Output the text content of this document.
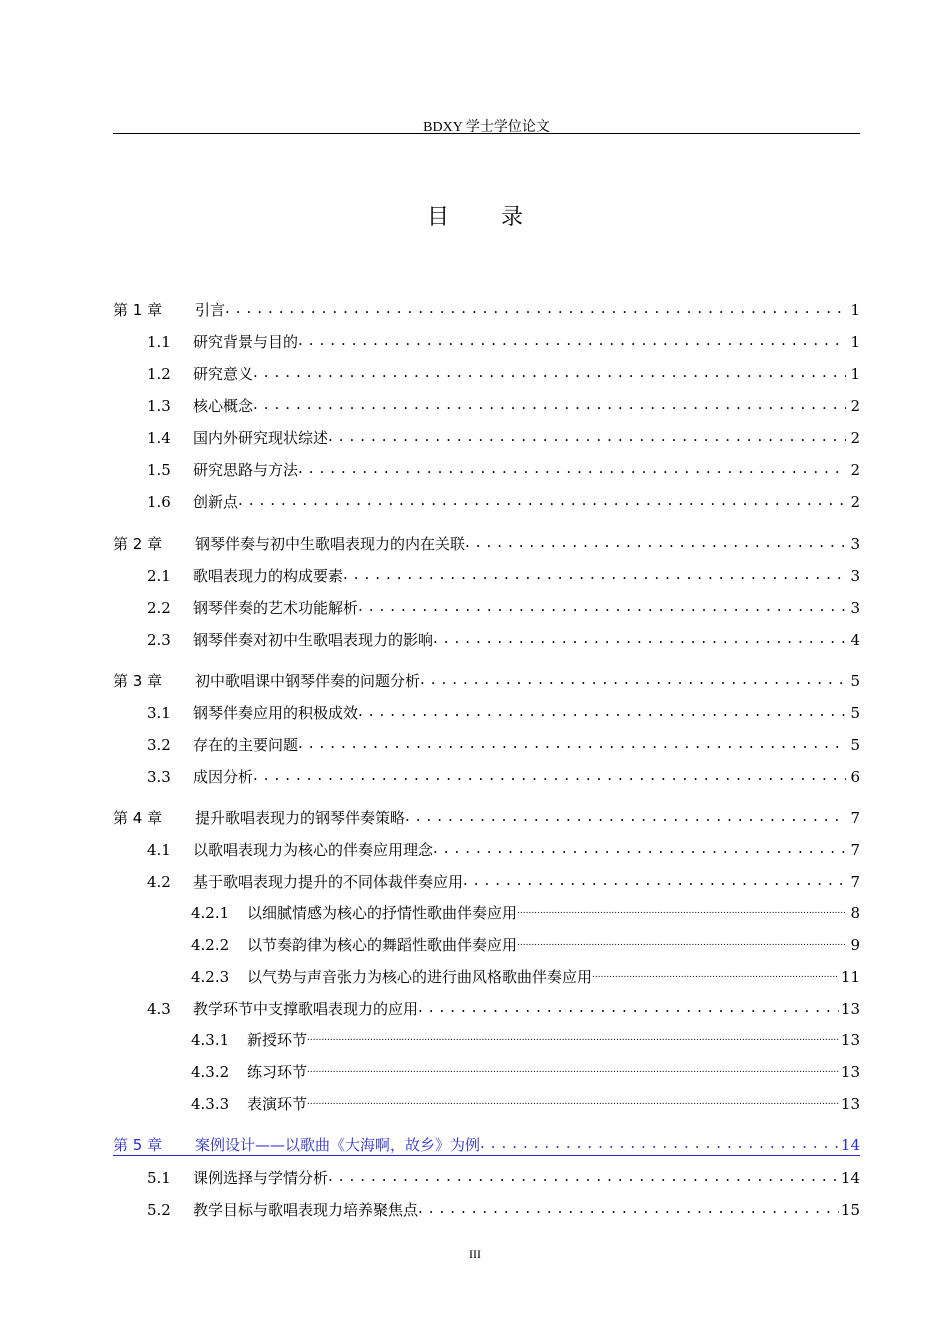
BDXY 学士学位论文
目录
第 1 章	引言 . . .	1
1.1	研究背景与目的 . . .	1
1.2	研究意义 . . .	1
1.3	核心概念 . . .	2
1.4	国内外研究现状综述 . . .	2
1.5	研究思路与方法 . . .	2
1.6	创新点 . . .	2
第 2 章	钢琴伴奏与初中生歌唱表现力的内在关联 . . .	3
2.1	歌唱表现力的构成要素 . . .	3
2.2	钢琴伴奏的艺术功能解析 . . .	3
2.3	钢琴伴奏对初中生歌唱表现力的影响 . . .	4
第 3 章	初中歌唱课中钢琴伴奏的问题分析 . . .	5
3.1	钢琴伴奏应用的积极成效 . . .	5
3.2	存在的主要问题 . . .	5
3.3	成因分析 . . .	6
第 4 章	提升歌唱表现力的钢琴伴奏策略 . . .	7
4.1	以歌唱表现力为核心的伴奏应用理念 . . .	7
4.2	基于歌唱表现力提升的不同体裁伴奏应用 . . .	7
4.2.1	以细腻情感为核心的抒情性歌曲伴奏应用 .....	8
4.2.2	以节奏韵律为核心的舞蹈性歌曲伴奏应用 .....	9
4.2.3	以气势与声音张力为核心的进行曲风格歌曲伴奏应用 .....	11
4.3	教学环节中支撑歌唱表现力的应用 . . .	13
4.3.1	新授环节 .....	13
4.3.2	练习环节 .....	13
4.3.3	表演环节 .....	13
第 5 章	案例设计——以歌曲《大海啊，故乡》为例 . . .	14
5.1	课例选择与学情分析 . . .	14
5.2	教学目标与歌唱表现力培养聚焦点 . . .	15
III
